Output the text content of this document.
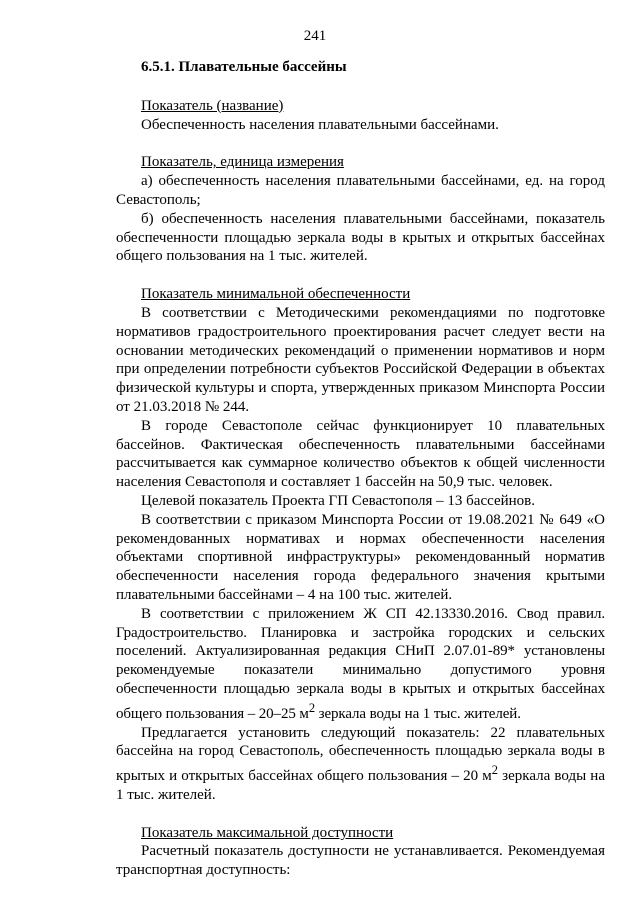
241

6.5.1. Плавательные бассейны

Показатель (название)

Обеспеченность населения плавательными бассейнами.

Показатель, единица измерения

а) обеспеченность населения плавательными бассейнами, ед. на город Севастополь;

б) обеспеченность населения плавательными бассейнами, показатель обеспеченности площадью зеркала воды в крытых и открытых бассейнах общего пользования на 1 тыс. жителей.

Показатель минимальной обеспеченности

В соответствии с Методическими рекомендациями по подготовке нормативов градостроительного проектирования расчет следует вести на основании методических рекомендаций о применении нормативов и норм при определении потребности субъектов Российской Федерации в объектах физической культуры и спорта, утвержденных приказом Минспорта России от 21.03.2018 № 244.

В городе Севастополе сейчас функционирует 10 плавательных бассейнов. Фактическая обеспеченность плавательными бассейнами рассчитывается как суммарное количество объектов к общей численности населения Севастополя и составляет 1 бассейн на 50,9 тыс. человек.

Целевой показатель Проекта ГП Севастополя – 13 бассейнов.

В соответствии с приказом Минспорта России от 19.08.2021 № 649 «О рекомендованных нормативах и нормах обеспеченности населения объектами спортивной инфраструктуры» рекомендованный норматив обеспеченности населения города федерального значения крытыми плавательными бассейнами – 4 на 100 тыс. жителей.

В соответствии с приложением Ж СП 42.13330.2016. Свод правил. Градостроительство. Планировка и застройка городских и сельских поселений. Актуализированная редакция СНиП 2.07.01-89* установлены рекомендуемые показатели минимально допустимого уровня обеспеченности площадью зеркала воды в крытых и открытых бассейнах общего пользования – 20–25 $м^2$ зеркала воды на 1 тыс. жителей.

Предлагается установить следующий показатель: 22 плавательных бассейна на город Севастополь, обеспеченность площадью зеркала воды в крытых и открытых бассейнах общего пользования – 20 $м^2$ зеркала воды на 1 тыс. жителей.

Показатель максимальной доступности

Расчетный показатель доступности не устанавливается. Рекомендуемая транспортная доступность:
